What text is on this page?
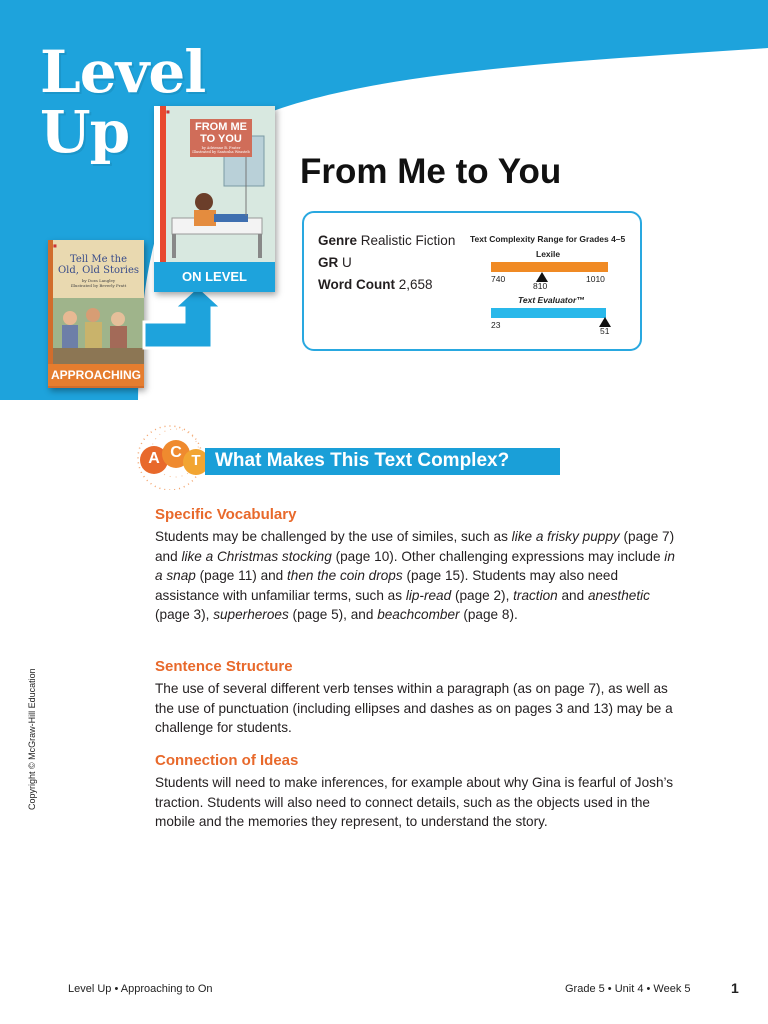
Level
Up
■
Tell Me the
Old, Old Stories
by Dora Langley
Illustrated by Beverly Pratt
APPROACHING
■
FROM ME
TO YOU
by Adrienne B. Frater
Illustrated by Santosha Weasteb
ON LEVEL
From Me to You
Genre Realistic Fiction
GR U
Word Count 2,658
Text Complexity Range for Grades 4–5
Lexile
740
810
1010
Text Evaluator™
23
51
A C T What Makes This Text Complex?
Specific Vocabulary
Students may be challenged by the use of similes, such as like a frisky puppy (page 7) and like a Christmas stocking (page 10). Other challenging expressions may include in a snap (page 11) and then the coin drops (page 15). Students may also need assistance with unfamiliar terms, such as lip-read (page 2), traction and anesthetic (page 3), superheroes (page 5), and beachcomber (page 8).
Sentence Structure
The use of several different verb tenses within a paragraph (as on page 7), as well as the use of punctuation (including ellipses and dashes as on pages 3 and 13) may be a challenge for students.
Connection of Ideas
Students will need to make inferences, for example about why Gina is fearful of Josh’s traction. Students will also need to connect details, such as the objects used in the mobile and the memories they represent, to understand the story.
Copyright © McGraw-Hill Education
Level Up • Approaching to On	Grade 5 • Unit 4 • Week 5	1
